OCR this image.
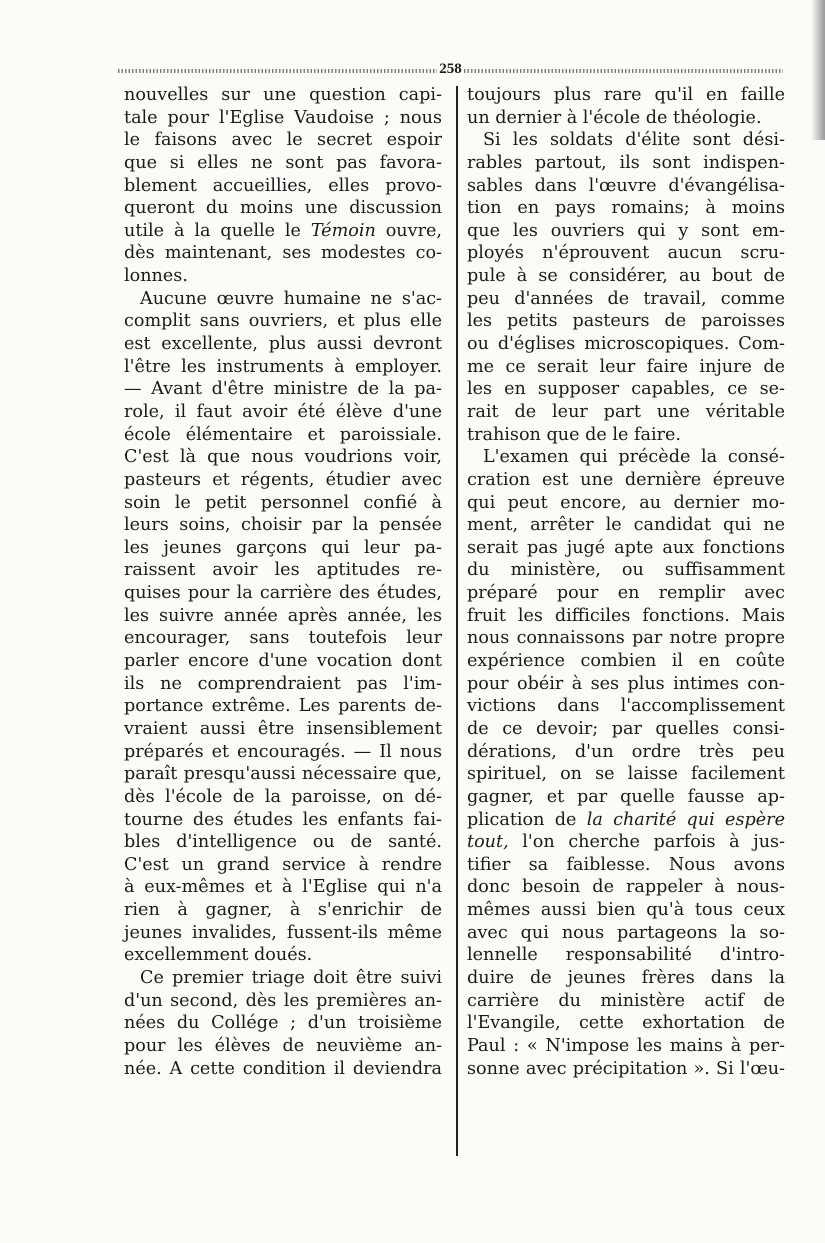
258
nouvelles sur une question capi-
tale pour l'Eglise Vaudoise ; nous
le faisons avec le secret espoir
que si elles ne sont pas favora-
blement accueillies, elles provo-
queront du moins une discussion
utile à la quelle le Témoin ouvre,
dès maintenant, ses modestes co-
lonnes.
Aucune œuvre humaine ne s'ac-
complit sans ouvriers, et plus elle
est excellente, plus aussi devront
l'être les instruments à employer.
— Avant d'être ministre de la pa-
role, il faut avoir été élève d'une
école élémentaire et paroissiale.
C'est là que nous voudrions voir,
pasteurs et régents, étudier avec
soin le petit personnel confié à
leurs soins, choisir par la pensée
les jeunes garçons qui leur pa-
raissent avoir les aptitudes re-
quises pour la carrière des études,
les suivre année après année, les
encourager, sans toutefois leur
parler encore d'une vocation dont
ils ne comprendraient pas l'im-
portance extrême. Les parents de-
vraient aussi être insensiblement
préparés et encouragés. — Il nous
paraît presqu'aussi nécessaire que,
dès l'école de la paroisse, on dé-
tourne des études les enfants fai-
bles d'intelligence ou de santé.
C'est un grand service à rendre
à eux-mêmes et à l'Eglise qui n'a
rien à gagner, à s'enrichir de
jeunes invalides, fussent-ils même
excellemment doués.
Ce premier triage doit être suivi
d'un second, dès les premières an-
nées du Collége ; d'un troisième
pour les élèves de neuvième an-
née. A cette condition il deviendra
toujours plus rare qu'il en faille
un dernier à l'école de théologie.
Si les soldats d'élite sont dési-
rables partout, ils sont indispen-
sables dans l'œuvre d'évangélisa-
tion en pays romains; à moins
que les ouvriers qui y sont em-
ployés n'éprouvent aucun scru-
pule à se considérer, au bout de
peu d'années de travail, comme
les petits pasteurs de paroisses
ou d'églises microscopiques. Com-
me ce serait leur faire injure de
les en supposer capables, ce se-
rait de leur part une véritable
trahison que de le faire.
L'examen qui précède la consé-
cration est une dernière épreuve
qui peut encore, au dernier mo-
ment, arrêter le candidat qui ne
serait pas jugé apte aux fonctions
du ministère, ou suffisamment
préparé pour en remplir avec
fruit les difficiles fonctions. Mais
nous connaissons par notre propre
expérience combien il en coûte
pour obéir à ses plus intimes con-
victions dans l'accomplissement
de ce devoir; par quelles consi-
dérations, d'un ordre très peu
spirituel, on se laisse facilement
gagner, et par quelle fausse ap-
plication de la charité qui espère
tout, l'on cherche parfois à jus-
tifier sa faiblesse. Nous avons
donc besoin de rappeler à nous-
mêmes aussi bien qu'à tous ceux
avec qui nous partageons la so-
lennelle responsabilité d'intro-
duire de jeunes frères dans la
carrière du ministère actif de
l'Evangile, cette exhortation de
Paul : « N'impose les mains à per-
sonne avec précipitation ». Si l'œu-
